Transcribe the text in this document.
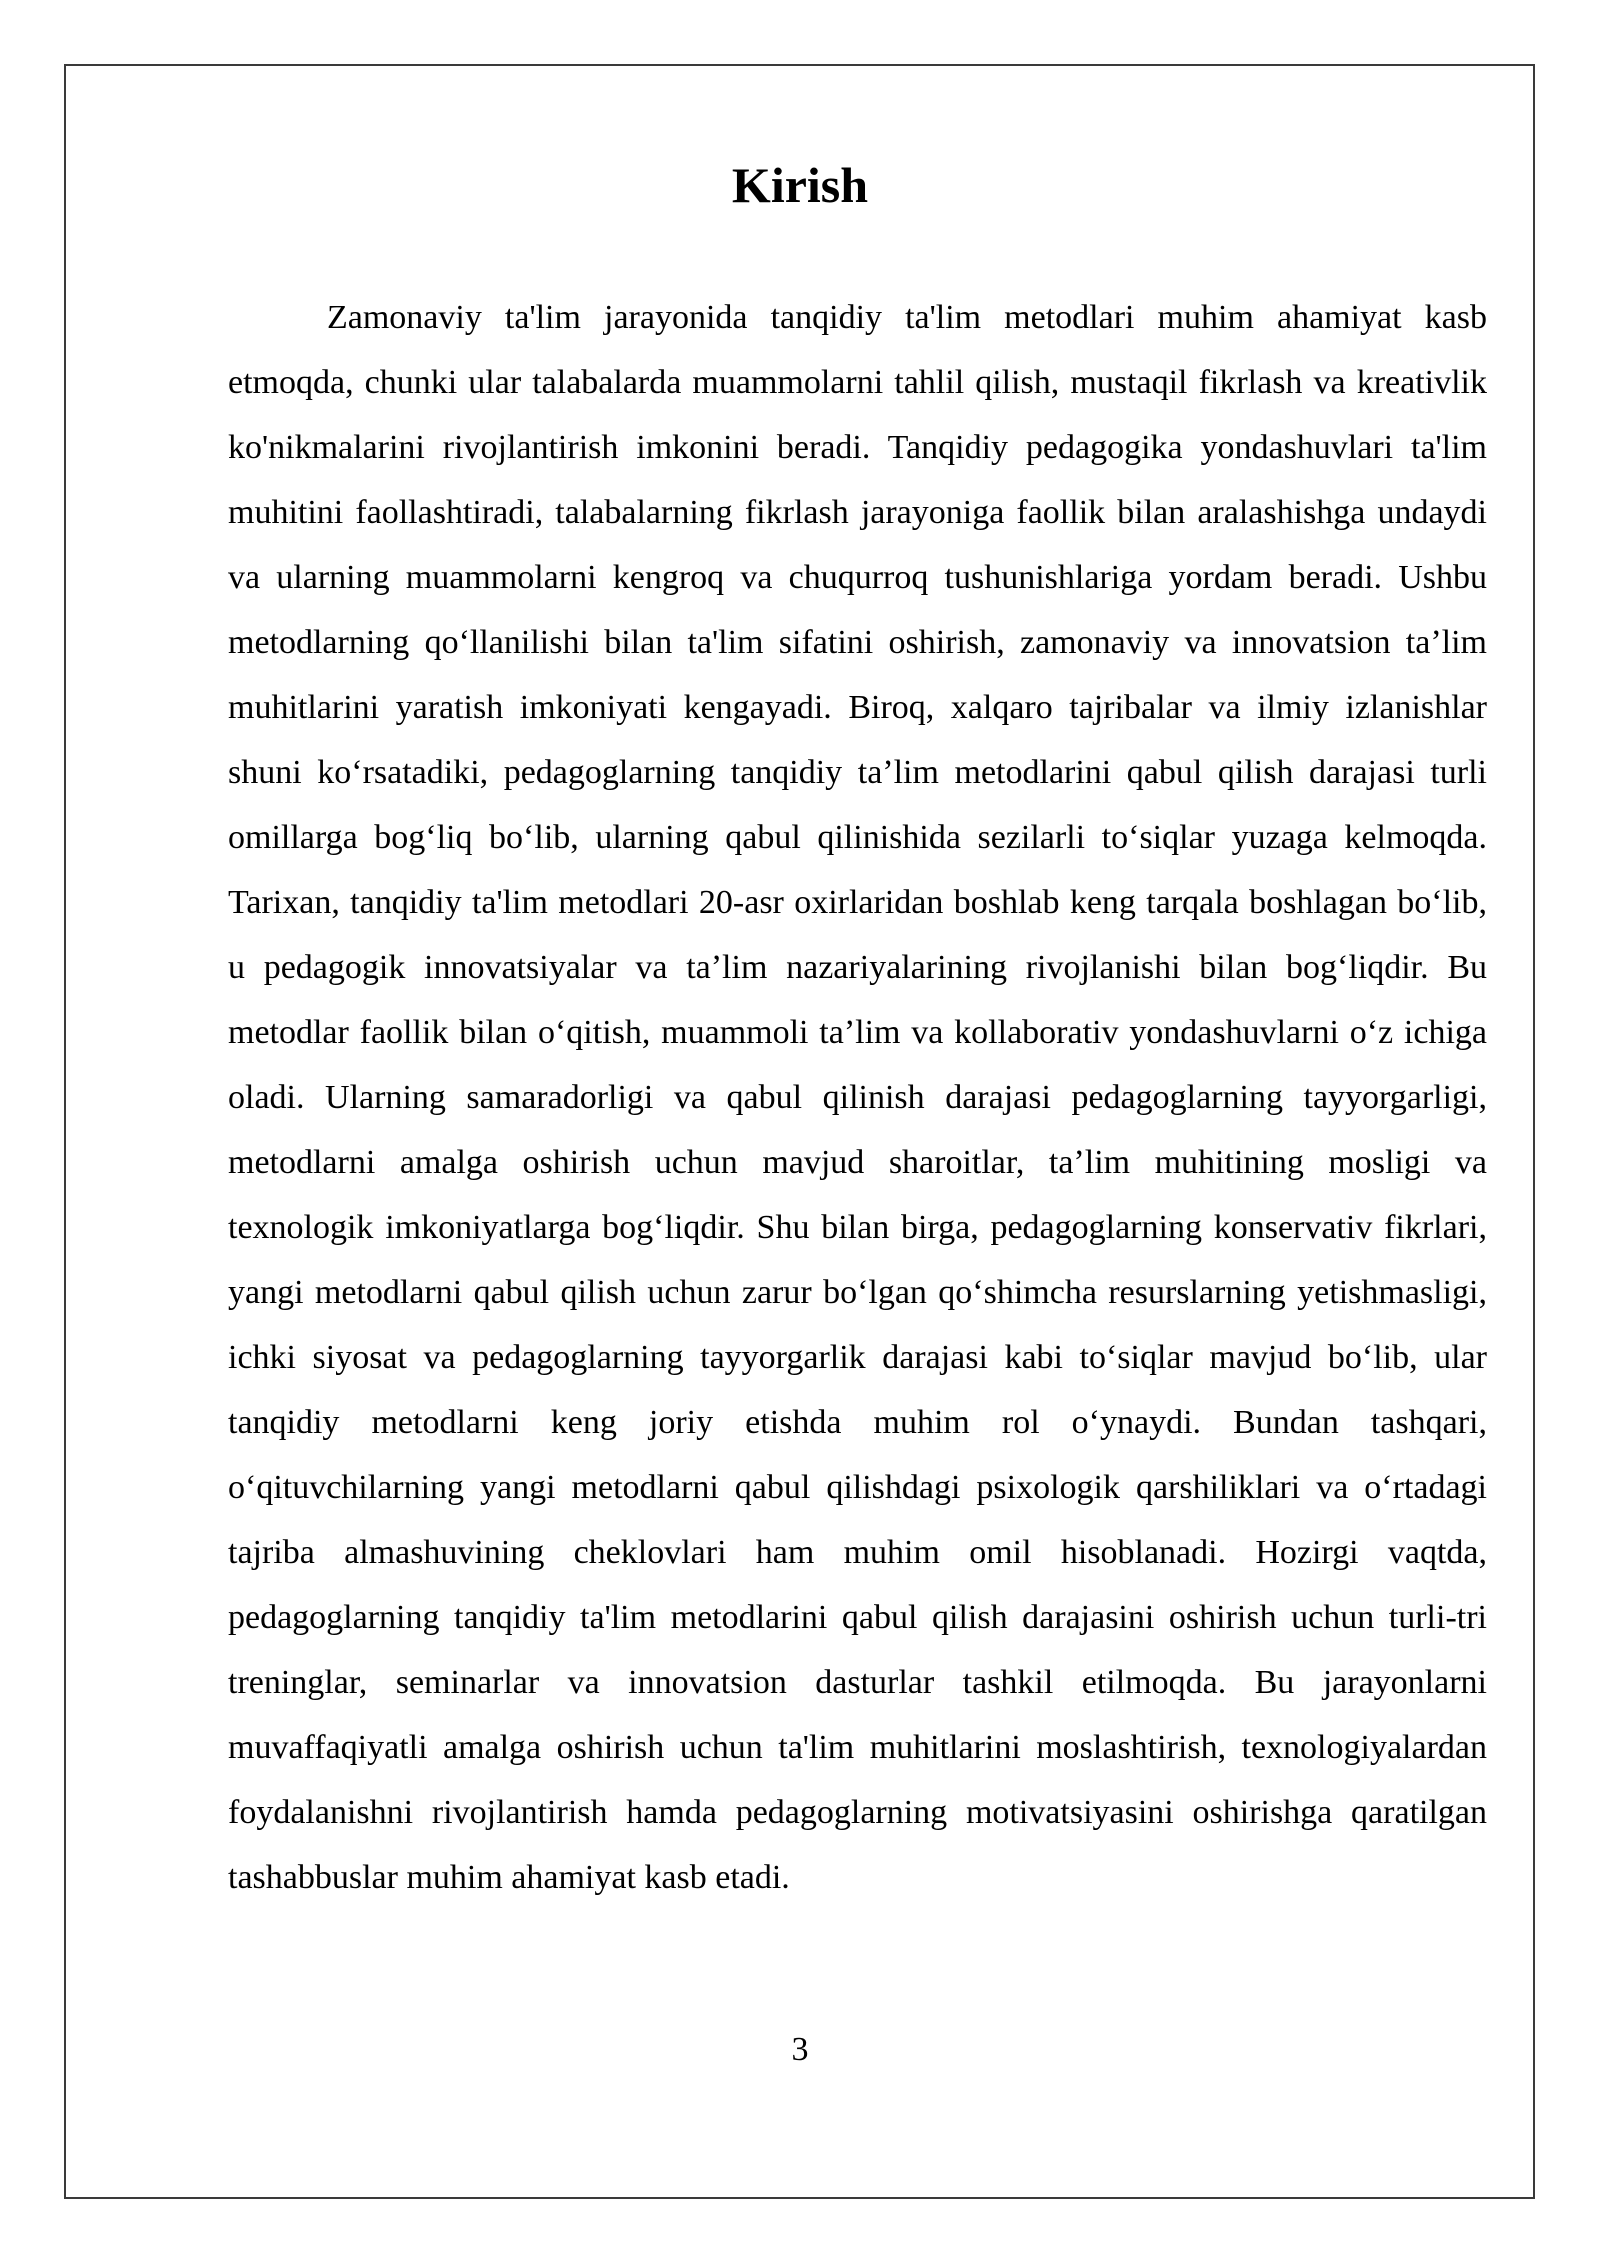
Kirish

Zamonaviy ta'lim jarayonida tanqidiy ta'lim metodlari muhim ahamiyat kasb etmoqda, chunki ular talabalarda muammolarni tahlil qilish, mustaqil fikrlash va kreativlik ko'nikmalarini rivojlantirish imkonini beradi. Tanqidiy pedagogika yondashuvlari ta'lim muhitini faollashtiradi, talabalarning fikrlash jarayoniga faollik bilan aralashishga undaydi va ularning muammolarni kengroq va chuqurroq tushunishlariga yordam beradi. Ushbu metodlarning qoʻllanilishi bilan ta'lim sifatini oshirish, zamonaviy va innovatsion taʼlim muhitlarini yaratish imkoniyati kengayadi. Biroq, xalqaro tajribalar va ilmiy izlanishlar shuni koʻrsatadiki, pedagoglarning tanqidiy taʼlim metodlarini qabul qilish darajasi turli omillarga bogʻliq boʻlib, ularning qabul qilinishida sezilarli toʻsiqlar yuzaga kelmoqda. Tarixan, tanqidiy ta'lim metodlari 20-asr oxirlaridan boshlab keng tarqala boshlagan boʻlib, u pedagogik innovatsiyalar va taʼlim nazariyalarining rivojlanishi bilan bogʻliqdir. Bu metodlar faollik bilan oʻqitish, muammoli taʼlim va kollaborativ yondashuvlarni oʻz ichiga oladi. Ularning samaradorligi va qabul qilinish darajasi pedagoglarning tayyorgarligi, metodlarni amalga oshirish uchun mavjud sharoitlar, taʼlim muhitining mosligi va texnologik imkoniyatlarga bogʻliqdir. Shu bilan birga, pedagoglarning konservativ fikrlari, yangi metodlarni qabul qilish uchun zarur boʻlgan qoʻshimcha resurslarning yetishmasligi, ichki siyosat va pedagoglarning tayyorgarlik darajasi kabi toʻsiqlar mavjud boʻlib, ular tanqidiy metodlarni keng joriy etishda muhim rol oʻynaydi. Bundan tashqari, oʻqituvchilarning yangi metodlarni qabul qilishdagi psixologik qarshiliklari va oʻrtadagi tajriba almashuvining cheklovlari ham muhim omil hisoblanadi. Hozirgi vaqtda, pedagoglarning tanqidiy ta'lim metodlarini qabul qilish darajasini oshirish uchun turli-tri treninglar, seminarlar va innovatsion dasturlar tashkil etilmoqda. Bu jarayonlarni muvaffaqiyatli amalga oshirish uchun ta'lim muhitlarini moslashtirish, texnologiyalardan foydalanishni rivojlantirish hamda pedagoglarning motivatsiyasini oshirishga qaratilgan tashabbuslar muhim ahamiyat kasb etadi.

3
